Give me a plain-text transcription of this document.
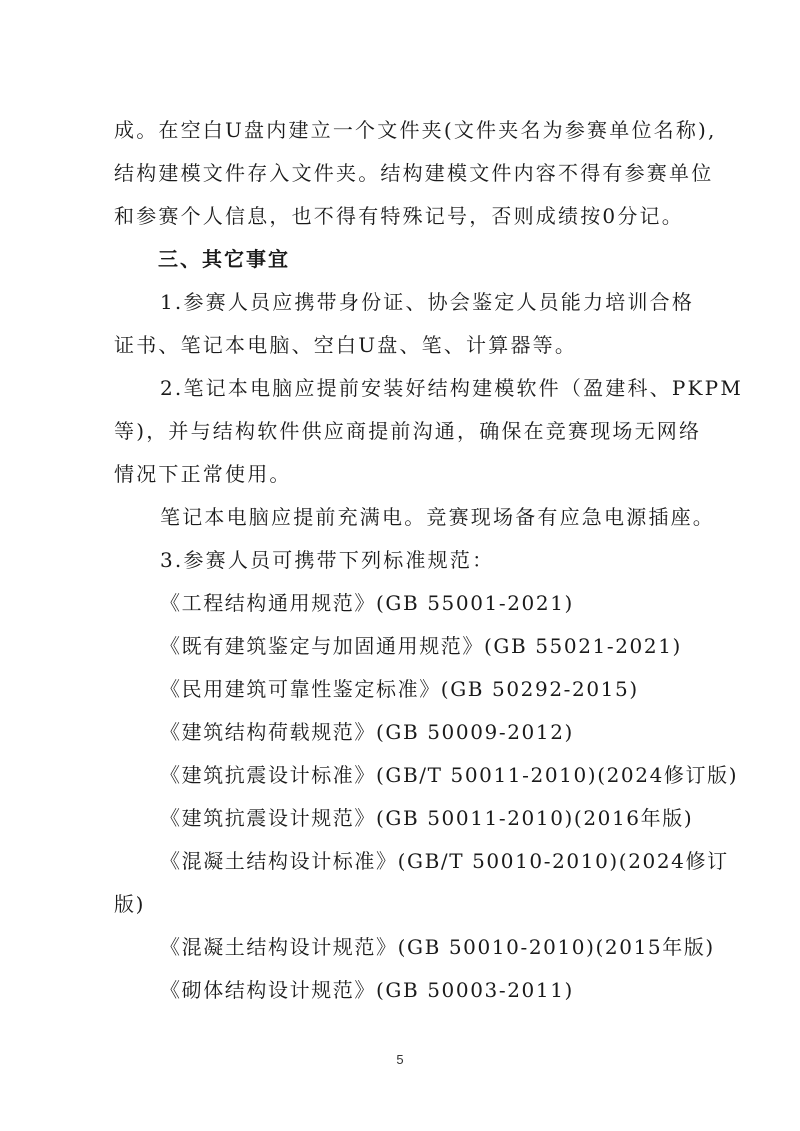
成。在空白U盘内建立一个文件夹(文件夹名为参赛单位名称),
结构建模文件存入文件夹。结构建模文件内容不得有参赛单位
和参赛个人信息，也不得有特殊记号，否则成绩按0分记。
三、其它事宜
1.参赛人员应携带身份证、协会鉴定人员能力培训合格
证书、笔记本电脑、空白U盘、笔、计算器等。
2.笔记本电脑应提前安装好结构建模软件（盈建科、PKPM
等)，并与结构软件供应商提前沟通，确保在竞赛现场无网络
情况下正常使用。
笔记本电脑应提前充满电。竞赛现场备有应急电源插座。
3.参赛人员可携带下列标准规范：
《工程结构通用规范》(GB 55001-2021)
《既有建筑鉴定与加固通用规范》(GB 55021-2021)
《民用建筑可靠性鉴定标准》(GB 50292-2015)
《建筑结构荷载规范》(GB 50009-2012)
《建筑抗震设计标准》(GB/T 50011-2010)(2024修订版)
《建筑抗震设计规范》(GB 50011-2010)(2016年版)
《混凝土结构设计标准》(GB/T 50010-2010)(2024修订
版)
《混凝土结构设计规范》(GB 50010-2010)(2015年版)
《砌体结构设计规范》(GB 50003-2011)
5
